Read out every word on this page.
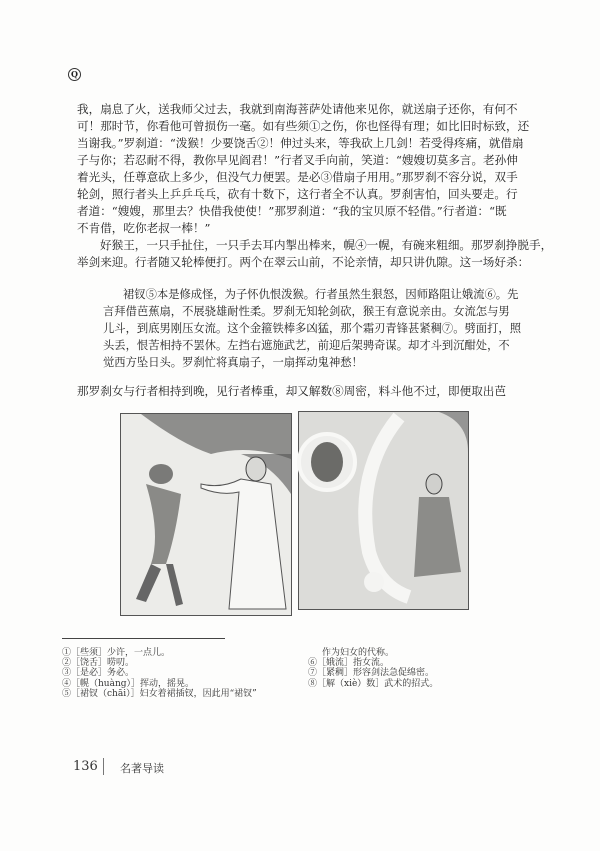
Q
我，扇息了火，送我师父过去，我就到南海菩萨处请他来见你，就送扇子还你，有何不
可！那时节，你看他可曾损伤一毫。如有些须①之伤，你也怪得有理；如比旧时标致，还
当谢我。”罗刹道：“泼猴！少要饶舌②！伸过头来，等我砍上几剑！若受得疼痛，就借扇
子与你；若忍耐不得，教你早见阎君！”行者叉手向前，笑道：“嫂嫂切莫多言。老孙伸
着光头，任尊意砍上多少，但没气力便罢。是必③借扇子用用。”那罗刹不容分说，双手
轮剑，照行者头上乒乒乓乓，砍有十数下，这行者全不认真。罗刹害怕，回头要走。行
者道：“嫂嫂，那里去？快借我使使！”那罗刹道：“我的宝贝原不轻借。”行者道：“既
不肯借，吃你老叔一棒！”
好猴王，一只手扯住，一只手去耳内掣出棒来，幌④一幌，有碗来粗细。那罗刹挣脱手，
举剑来迎。行者随又轮棒便打。两个在翠云山前，不论亲情，却只讲仇隙。这一场好杀：
裙钗⑤本是修成怪，为子怀仇恨泼猴。行者虽然生狠怒，因师路阻让娥流⑥。先
言拜借芭蕉扇，不展骁雄耐性柔。罗刹无知轮剑砍，猴王有意说亲由。女流怎与男
儿斗，到底男刚压女流。这个金箍铁棒多凶猛，那个霜刃青锋甚紧稠⑦。劈面打，照
头丢，恨苦相持不罢休。左挡右遮施武艺，前迎后架骋奇谋。却才斗到沉酣处，不
觉西方坠日头。罗刹忙将真扇子，一扇挥动鬼神愁！
那罗刹女与行者相持到晚，见行者棒重，却又解数⑧周密，料斗他不过，即便取出芭
①［些须］少许，一点儿。
②［饶舌］唠叨。
③［是必］务必。
④［幌（huàng）］挥动，摇晃。
⑤［裙钗（chāi）］妇女着裙插钗，因此用“裙钗”
作为妇女的代称。
⑥［娥流］指女流。
⑦［紧稠］形容剑法急促绵密。
⑧［解（xiè）数］武术的招式。
136 名著导读
